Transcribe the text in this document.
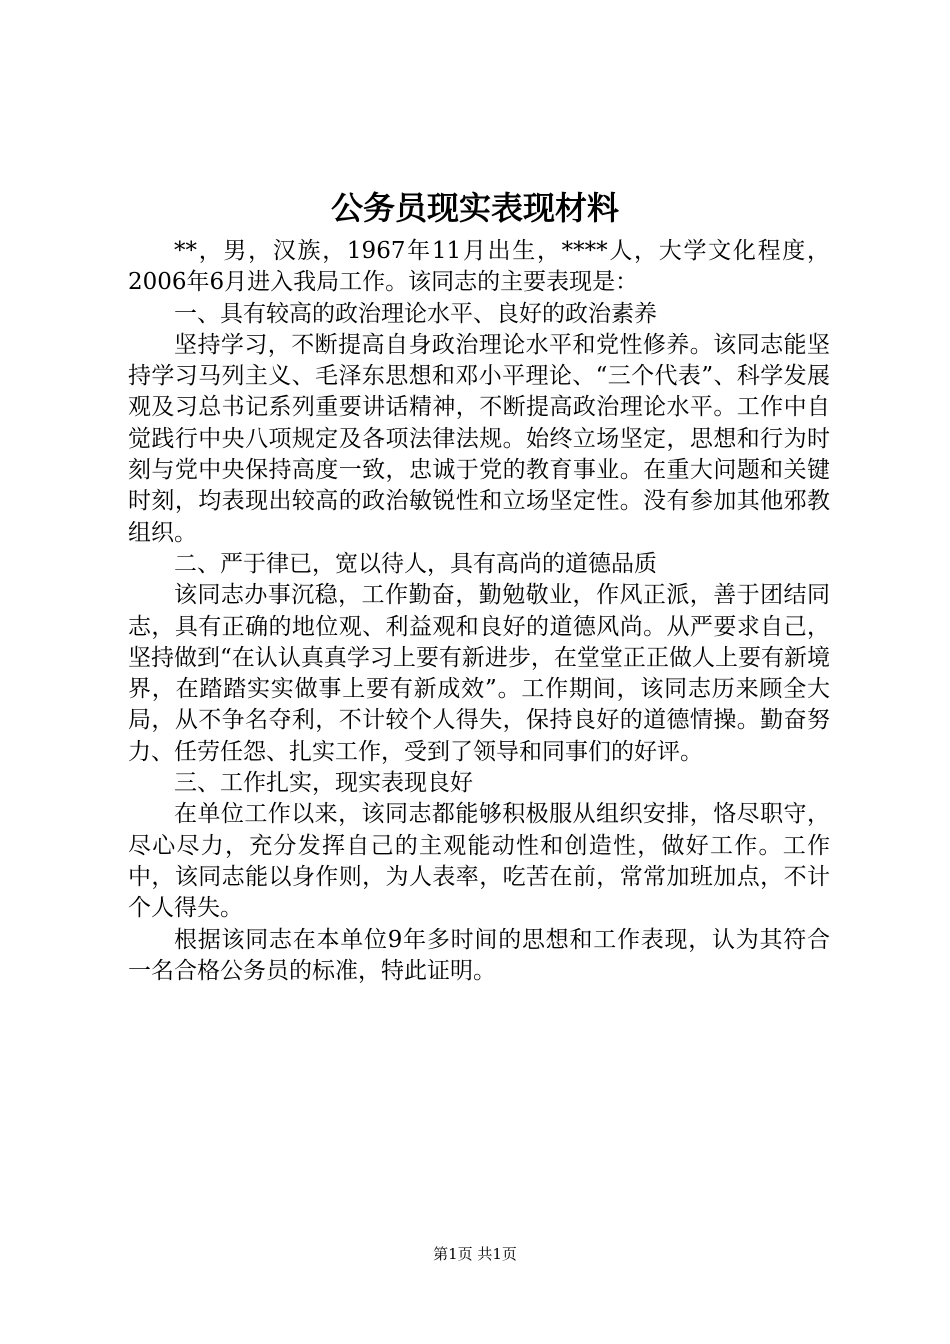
公务员现实表现材料

**，男，汉族，1967年11月出生，****人，大学文化程度，2006年6月进入我局工作。该同志的主要表现是：

一、具有较高的政治理论水平、良好的政治素养

坚持学习，不断提高自身政治理论水平和党性修养。该同志能坚持学习马列主义、毛泽东思想和邓小平理论、“三个代表”、科学发展观及习总书记系列重要讲话精神，不断提高政治理论水平。工作中自觉践行中央八项规定及各项法律法规。始终立场坚定，思想和行为时刻与党中央保持高度一致，忠诚于党的教育事业。在重大问题和关键时刻，均表现出较高的政治敏锐性和立场坚定性。没有参加其他邪教组织。

二、严于律已，宽以待人，具有高尚的道德品质

该同志办事沉稳，工作勤奋，勤勉敬业，作风正派，善于团结同志，具有正确的地位观、利益观和良好的道德风尚。从严要求自己，坚持做到“在认认真真学习上要有新进步，在堂堂正正做人上要有新境界，在踏踏实实做事上要有新成效”。工作期间，该同志历来顾全大局，从不争名夺利，不计较个人得失，保持良好的道德情操。勤奋努力、任劳任怨、扎实工作，受到了领导和同事们的好评。

三、工作扎实，现实表现良好

在单位工作以来，该同志都能够积极服从组织安排，恪尽职守，尽心尽力，充分发挥自己的主观能动性和创造性，做好工作。工作中，该同志能以身作则，为人表率，吃苦在前，常常加班加点，不计个人得失。

根据该同志在本单位9年多时间的思想和工作表现，认为其符合一名合格公务员的标准，特此证明。

第1页 共1页
